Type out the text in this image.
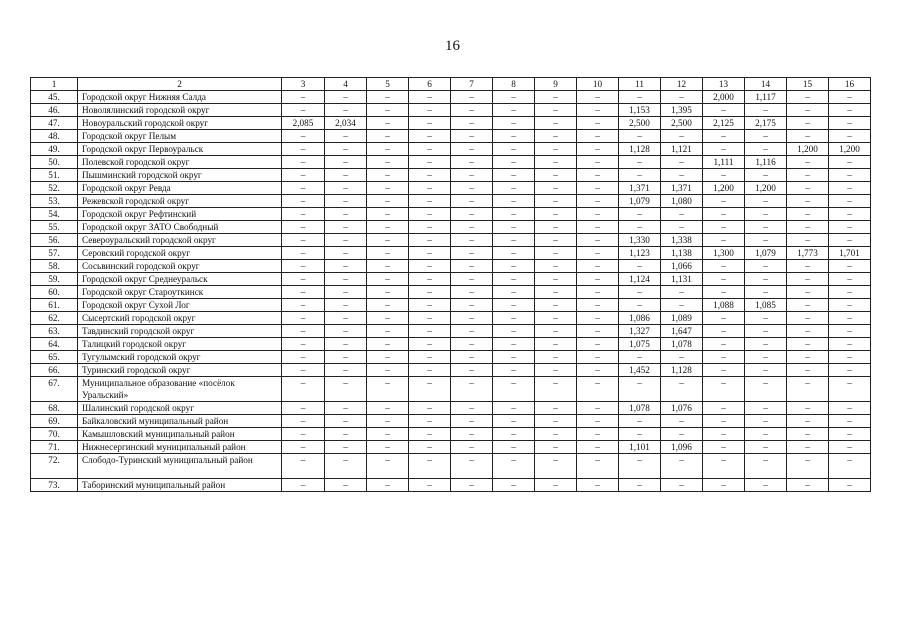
16
1	2	3	4	5	6	7	8	9	10	11	12	13	14	15	16
45.	Городской округ Нижняя Салда	–	–	–	–	–	–	–	–	–	–	2,000	1,117	–	–
46.	Новолялинский городской округ	–	–	–	–	–	–	–	–	1,153	1,395	–	–	–	–
47.	Новоуральский городской округ	2,085	2,034	–	–	–	–	–	–	2,500	2,500	2,125	2,175	–	–
48.	Городской округ Пелым	–	–	–	–	–	–	–	–	–	–	–	–	–	–
49.	Городской округ Первоуральск	–	–	–	–	–	–	–	–	1,128	1,121	–	–	1,200	1,200
50.	Полевской городской округ	–	–	–	–	–	–	–	–	–	–	1,111	1,116	–	–
51.	Пышминский городской округ	–	–	–	–	–	–	–	–	–	–	–	–	–	–
52.	Городской округ Ревда	–	–	–	–	–	–	–	–	1,371	1,371	1,200	1,200	–	–
53.	Режевской городской округ	–	–	–	–	–	–	–	–	1,079	1,080	–	–	–	–
54.	Городской округ Рефтинский	–	–	–	–	–	–	–	–	–	–	–	–	–	–
55.	Городской округ ЗАТО Свободный	–	–	–	–	–	–	–	–	–	–	–	–	–	–
56.	Североуральский городской округ	–	–	–	–	–	–	–	–	1,330	1,338	–	–	–	–
57.	Серовский городской округ	–	–	–	–	–	–	–	–	1,123	1,138	1,300	1,079	1,773	1,701
58.	Сосьвинский городской округ	–	–	–	–	–	–	–	–	–	1,066	–	–	–	–
59.	Городской округ Среднеуральск	–	–	–	–	–	–	–	–	1,124	1,131	–	–	–	–
60.	Городской округ Староуткинск	–	–	–	–	–	–	–	–	–	–	–	–	–	–
61.	Городской округ Сухой Лог	–	–	–	–	–	–	–	–	–	–	1,088	1,085	–	–
62.	Сысертский городской округ	–	–	–	–	–	–	–	–	1,086	1,089	–	–	–	–
63.	Тавдинский городской округ	–	–	–	–	–	–	–	–	1,327	1,647	–	–	–	–
64.	Талицкий городской округ	–	–	–	–	–	–	–	–	1,075	1,078	–	–	–	–
65.	Тугулымский городской округ	–	–	–	–	–	–	–	–	–	–	–	–	–	–
66.	Туринский городской округ	–	–	–	–	–	–	–	–	1,452	1,128	–	–	–	–
67.	Муниципальное образование «посёлок Уральский»	–	–	–	–	–	–	–	–	–	–	–	–	–	–
68.	Шалинский городской округ	–	–	–	–	–	–	–	–	1,078	1,076	–	–	–	–
69.	Байкаловский муниципальный район	–	–	–	–	–	–	–	–	–	–	–	–	–	–
70.	Камышловский муниципальный район	–	–	–	–	–	–	–	–	–	–	–	–	–	–
71.	Нижнесергинский муниципальный район	–	–	–	–	–	–	–	–	1,101	1,096	–	–	–	–
72.	Слободо-Туринский муниципальный район	–	–	–	–	–	–	–	–	–	–	–	–	–	–
73.	Таборинский муниципальный район	–	–	–	–	–	–	–	–	–	–	–	–	–	–
